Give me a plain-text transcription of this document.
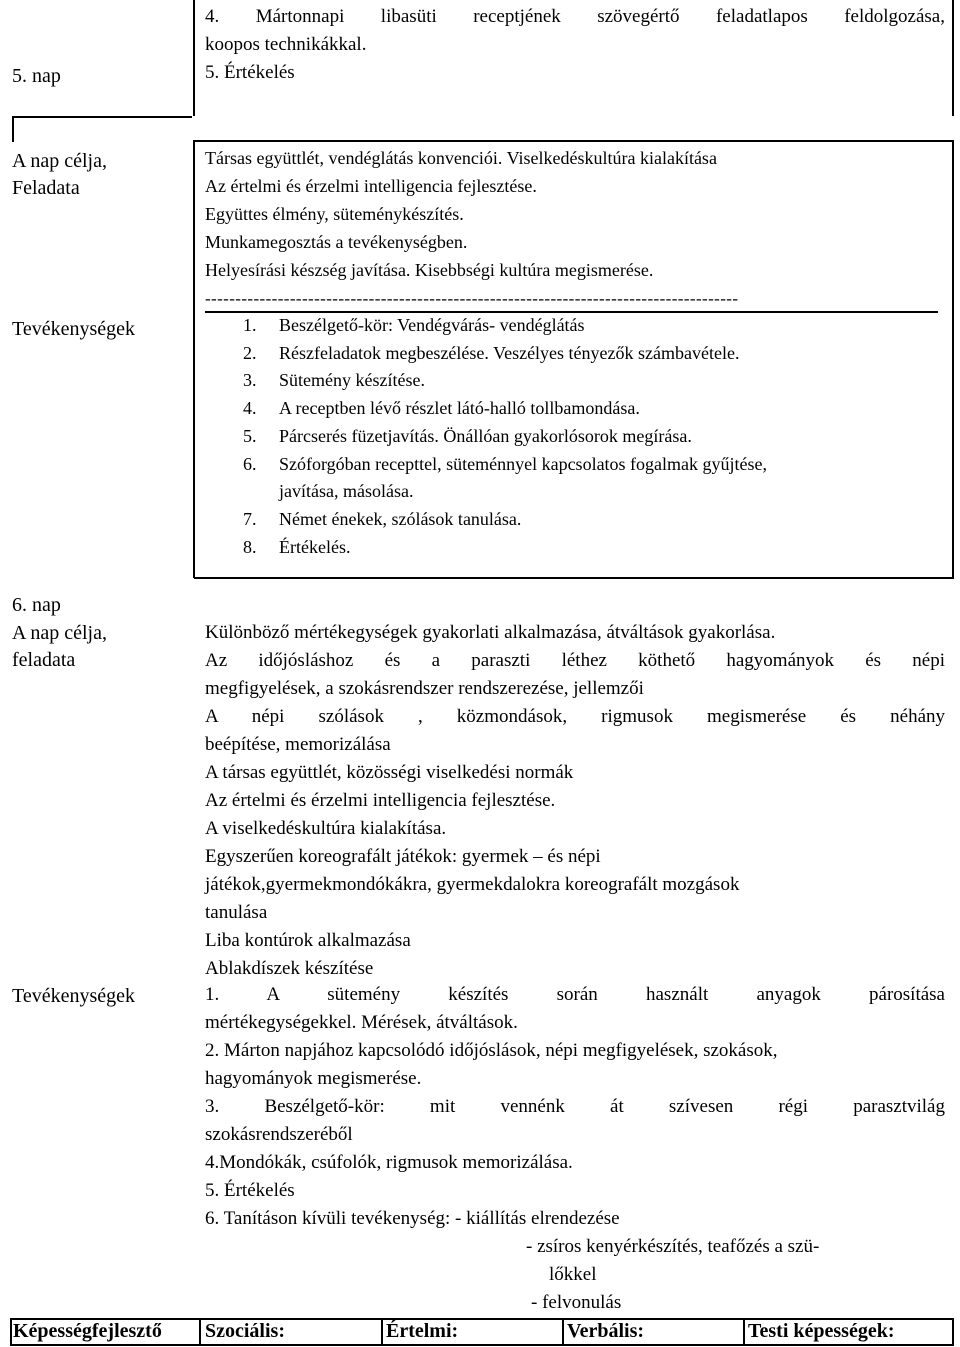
5. nap
4. Mártonnapi libasüti receptjének szövegértő feladatlapos feldolgozása,
koopos technikákkal.
5. Értékelés
A nap célja,
Feladata
Társas együttlét, vendéglátás konvenciói. Viselkedéskultúra kialakítása
Az értelmi és érzelmi intelligencia fejlesztése.
Együttes élmény, süteménykészítés.
Munkamegosztás a tevékenységben.
Helyesírási készség javítása. Kisebbségi kultúra megismerése.
----------------------------------------------------------------------------------------
Tevékenységek	1. Beszélgető-kör: Vendégvárás- vendéglátás
2. Részfeladatok megbeszélése. Veszélyes tényezők számbavétele.
3. Sütemény készítése.
4. A receptben lévő részlet látó-halló tollbamondása.
5. Párcserés füzetjavítás. Önállóan gyakorlósorok megírása.
6. Szóforgóban recepttel, süteménnyel kapcsolatos fogalmak gyűjtése,
javítása, másolása.
7. Német énekek, szólások tanulása.
8. Értékelés.
6. nap
A nap célja,
feladata
Különböző mértékegységek gyakorlati alkalmazása, átváltások gyakorlása.
Az időjósláshoz és a paraszti léthez köthető hagyományok és népi
megfigyelések, a szokásrendszer rendszerezése, jellemzői
A népi szólások , közmondások, rigmusok megismerése és néhány
beépítése, memorizálása
A társas együttlét, közösségi viselkedési normák
Az értelmi és érzelmi intelligencia fejlesztése.
A viselkedéskultúra kialakítása.
Egyszerűen koreografált játékok: gyermek – és népi
játékok,gyermekmondókákra, gyermekdalokra koreografált mozgások
tanulása
Liba kontúrok alkalmazása
Ablakdíszek készítése
Tevékenységek	1. A sütemény készítés során használt anyagok párosítása
mértékegységekkel. Mérések, átváltások.
2. Márton napjához kapcsolódó időjóslások, népi megfigyelések, szokások,
hagyományok megismerése.
3. Beszélgető-kör: mit vennénk át szívesen régi parasztvilág
szokásrendszeréből
4.Mondókák, csúfolók, rigmusok memorizálása.
5. Értékelés
6. Tanításon kívüli tevékenység: - kiállítás elrendezése
- zsíros kenyérkészítés, teafőzés a szü-
lőkkel
- felvonulás
Képességfejlesztő	Szociális:	Értelmi:	Verbális:	Testi képességek:
